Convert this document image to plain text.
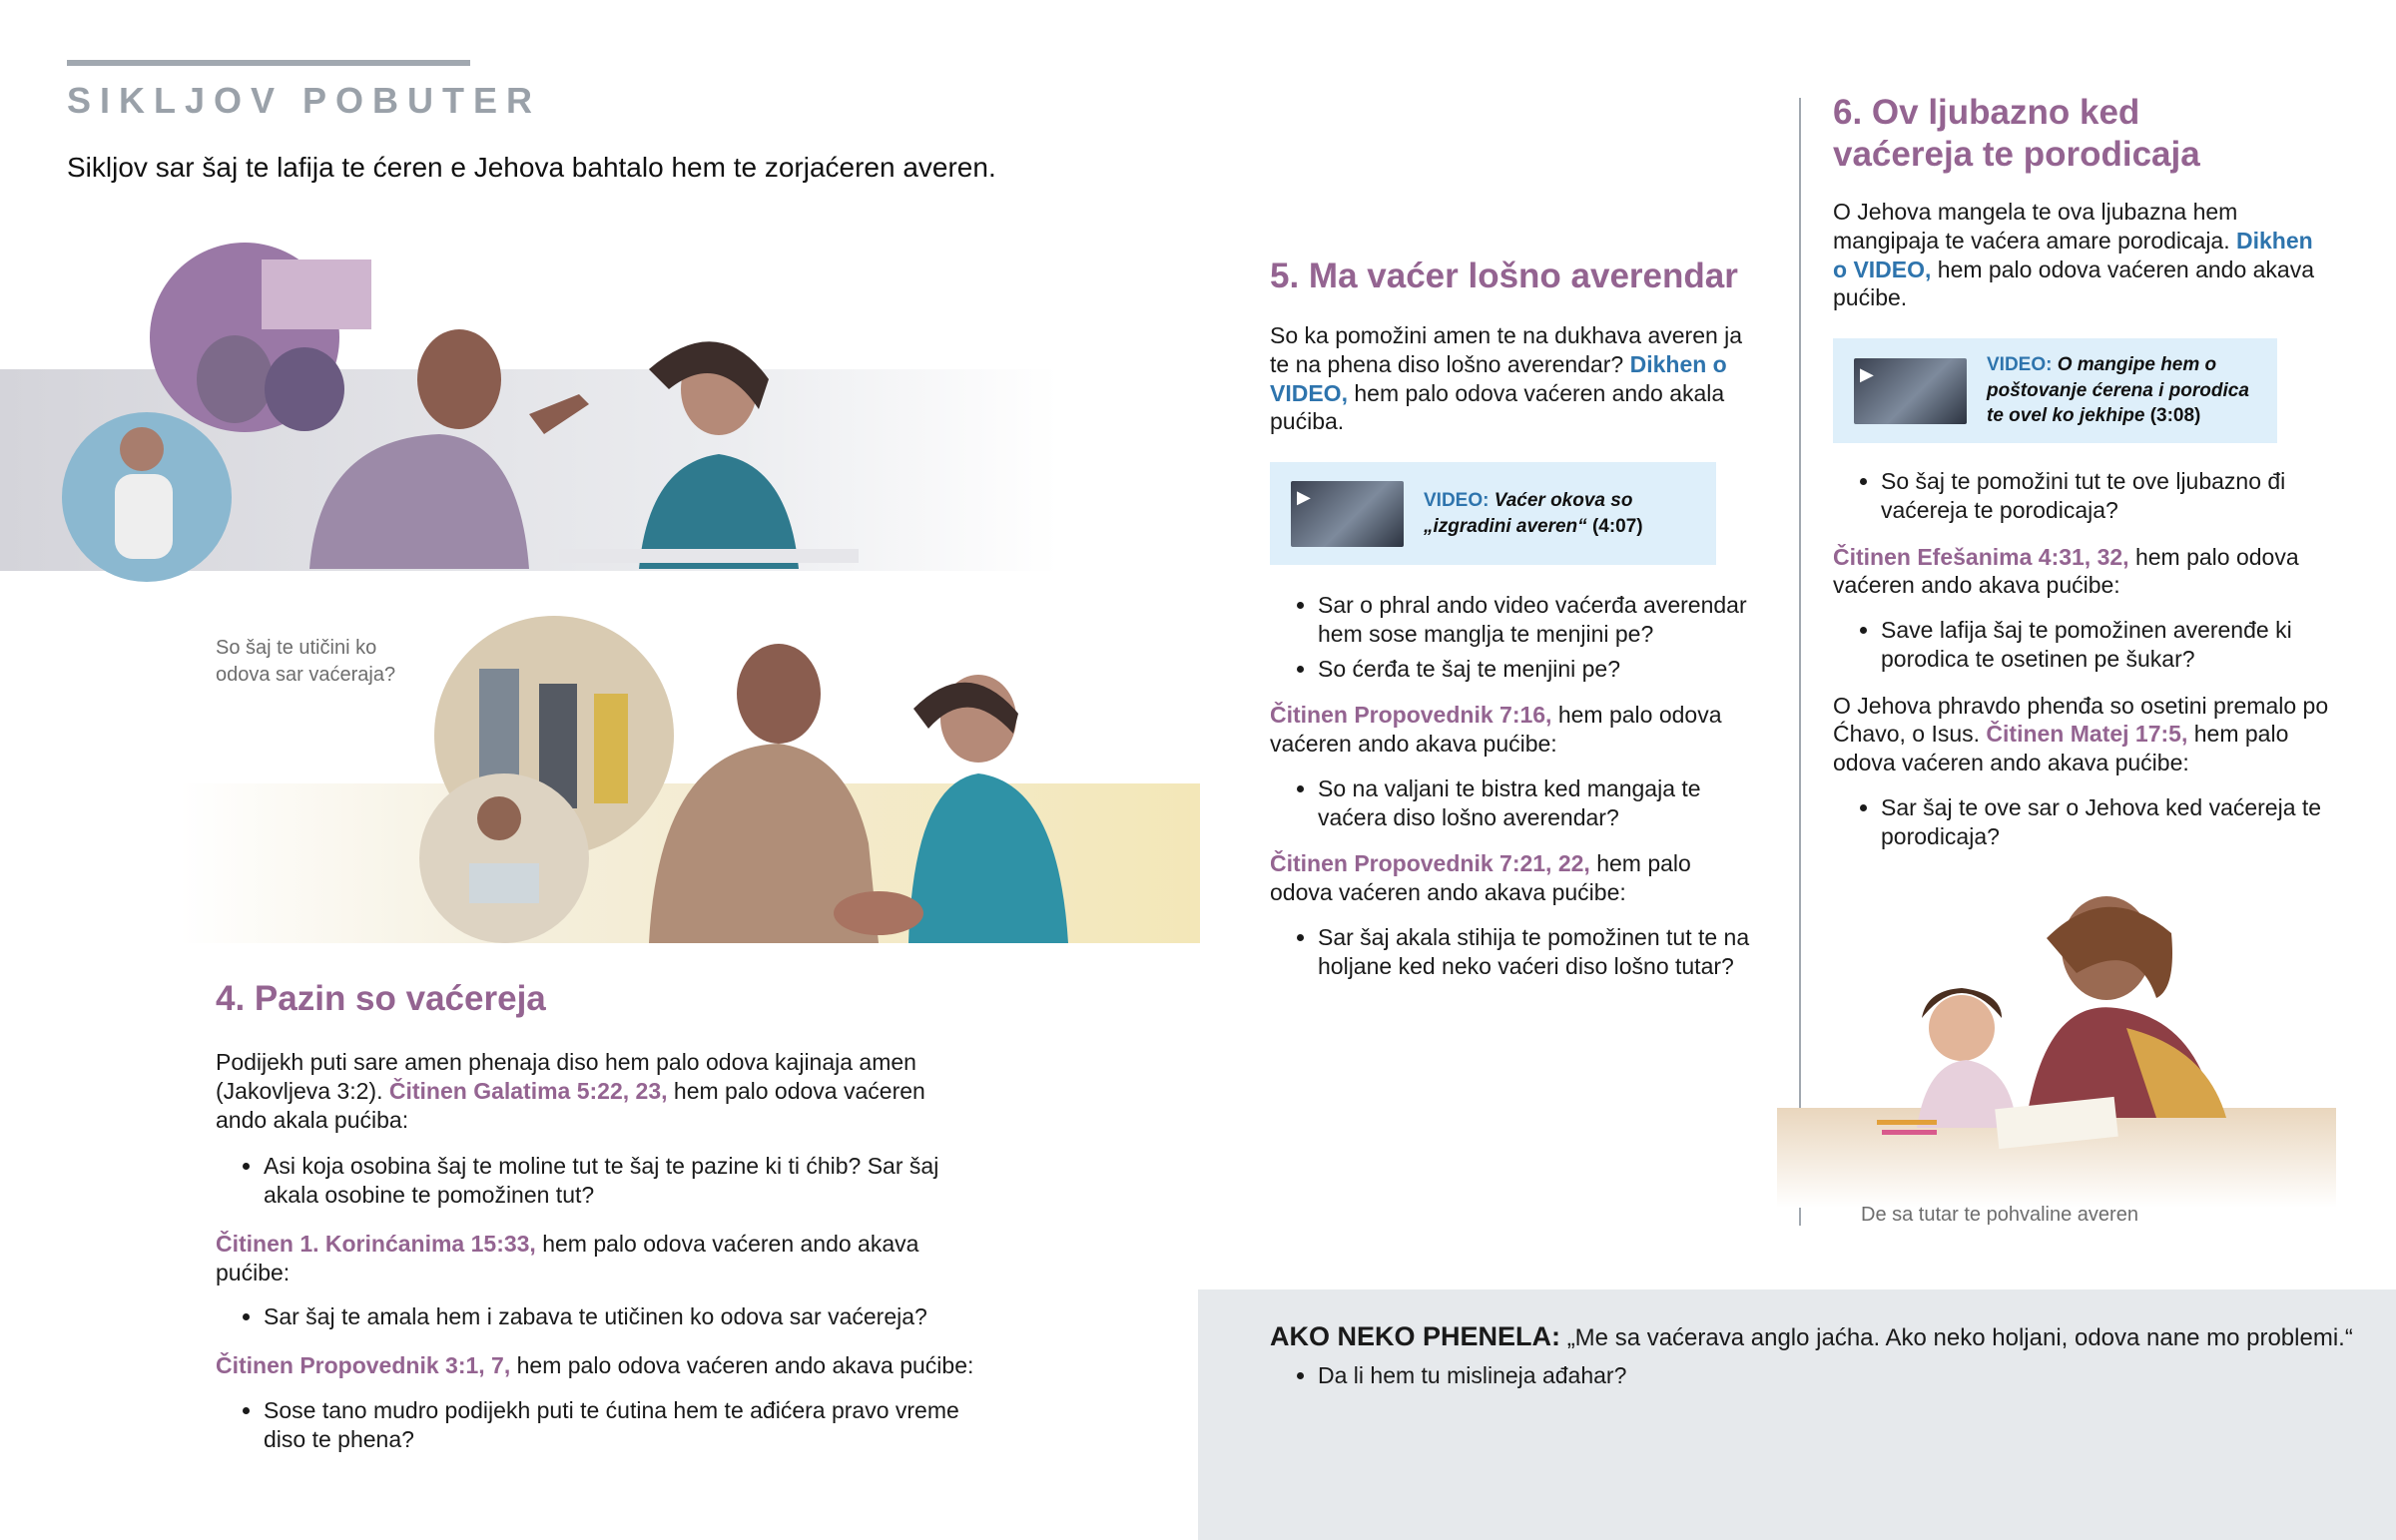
SIKLJOV POBUTER
Sikljov sar šaj te lafija te ćeren e Jehova bahtalo hem te zorjaćeren averen.
So šaj te utičini ko odova sar vaćeraja?
4. Pazin so vaćereja
Podijekh puti sare amen phenaja diso hem palo odova kajinaja amen (Jakovljeva 3:2). Čitinen Galatima 5:22, 23, hem palo odova vaćeren ando akala pućiba:
• Asi koja osobina šaj te moline tut te šaj te pazine ki ti ćhib? Sar šaj akala osobine te pomožinen tut?
Čitinen 1. Korinćanima 15:33, hem palo odova vaćeren ando akava pućibe:
• Sar šaj te amala hem i zabava te utičinen ko odova sar vaćereja?
Čitinen Propovednik 3:1, 7, hem palo odova vaćeren ando akava pućibe:
• Sose tano mudro podijekh puti te ćutina hem te ađićera pravo vreme diso te phena?
5. Ma vaćer lošno averendar
So ka pomožini amen te na dukhava averen ja te na phena diso lošno averendar? Dikhen o VIDEO, hem palo odova vaćeren ando akala pućiba.
▶	VIDEO: Vaćer okova so „izgradini averen“ (4:07)
• Sar o phral ando video vaćerđa averendar hem sose manglja te menjini pe?
• So ćerđa te šaj te menjini pe?
Čitinen Propovednik 7:16, hem palo odova vaćeren ando akava pućibe:
• So na valjani te bistra ked mangaja te vaćera diso lošno averendar?
Čitinen Propovednik 7:21, 22, hem palo odova vaćeren ando akava pućibe:
• Sar šaj akala stihija te pomožinen tut te na holjane ked neko vaćeri diso lošno tutar?
6. Ov ljubazno ked vaćereja te porodicaja
O Jehova mangela te ova ljubazna hem mangipaja te vaćera amare porodicaja. Dikhen o VIDEO, hem palo odova vaćeren ando akava pućibe.
▶	VIDEO: O mangipe hem o poštovanje ćerena i porodica te ovel ko jekhipe (3:08)
• So šaj te pomožini tut te ove ljubazno đi vaćereja te porodicaja?
Čitinen Efešanima 4:31, 32, hem palo odova vaćeren ando akava pućibe:
• Save lafija šaj te pomožinen averenđe ki porodica te osetinen pe šukar?
O Jehova phravdo phenđa so osetini premalo po Ćhavo, o Isus. Čitinen Matej 17:5, hem palo odova vaćeren ando akava pućibe:
• Sar šaj te ove sar o Jehova ked vaćereja te porodicaja?
De sa tutar te pohvaline averen
AKO NEKO PHENELA: „Me sa vaćerava anglo jaćha. Ako neko holjani, odova nane mo problemi.“
• Da li hem tu mislineja ađahar?
